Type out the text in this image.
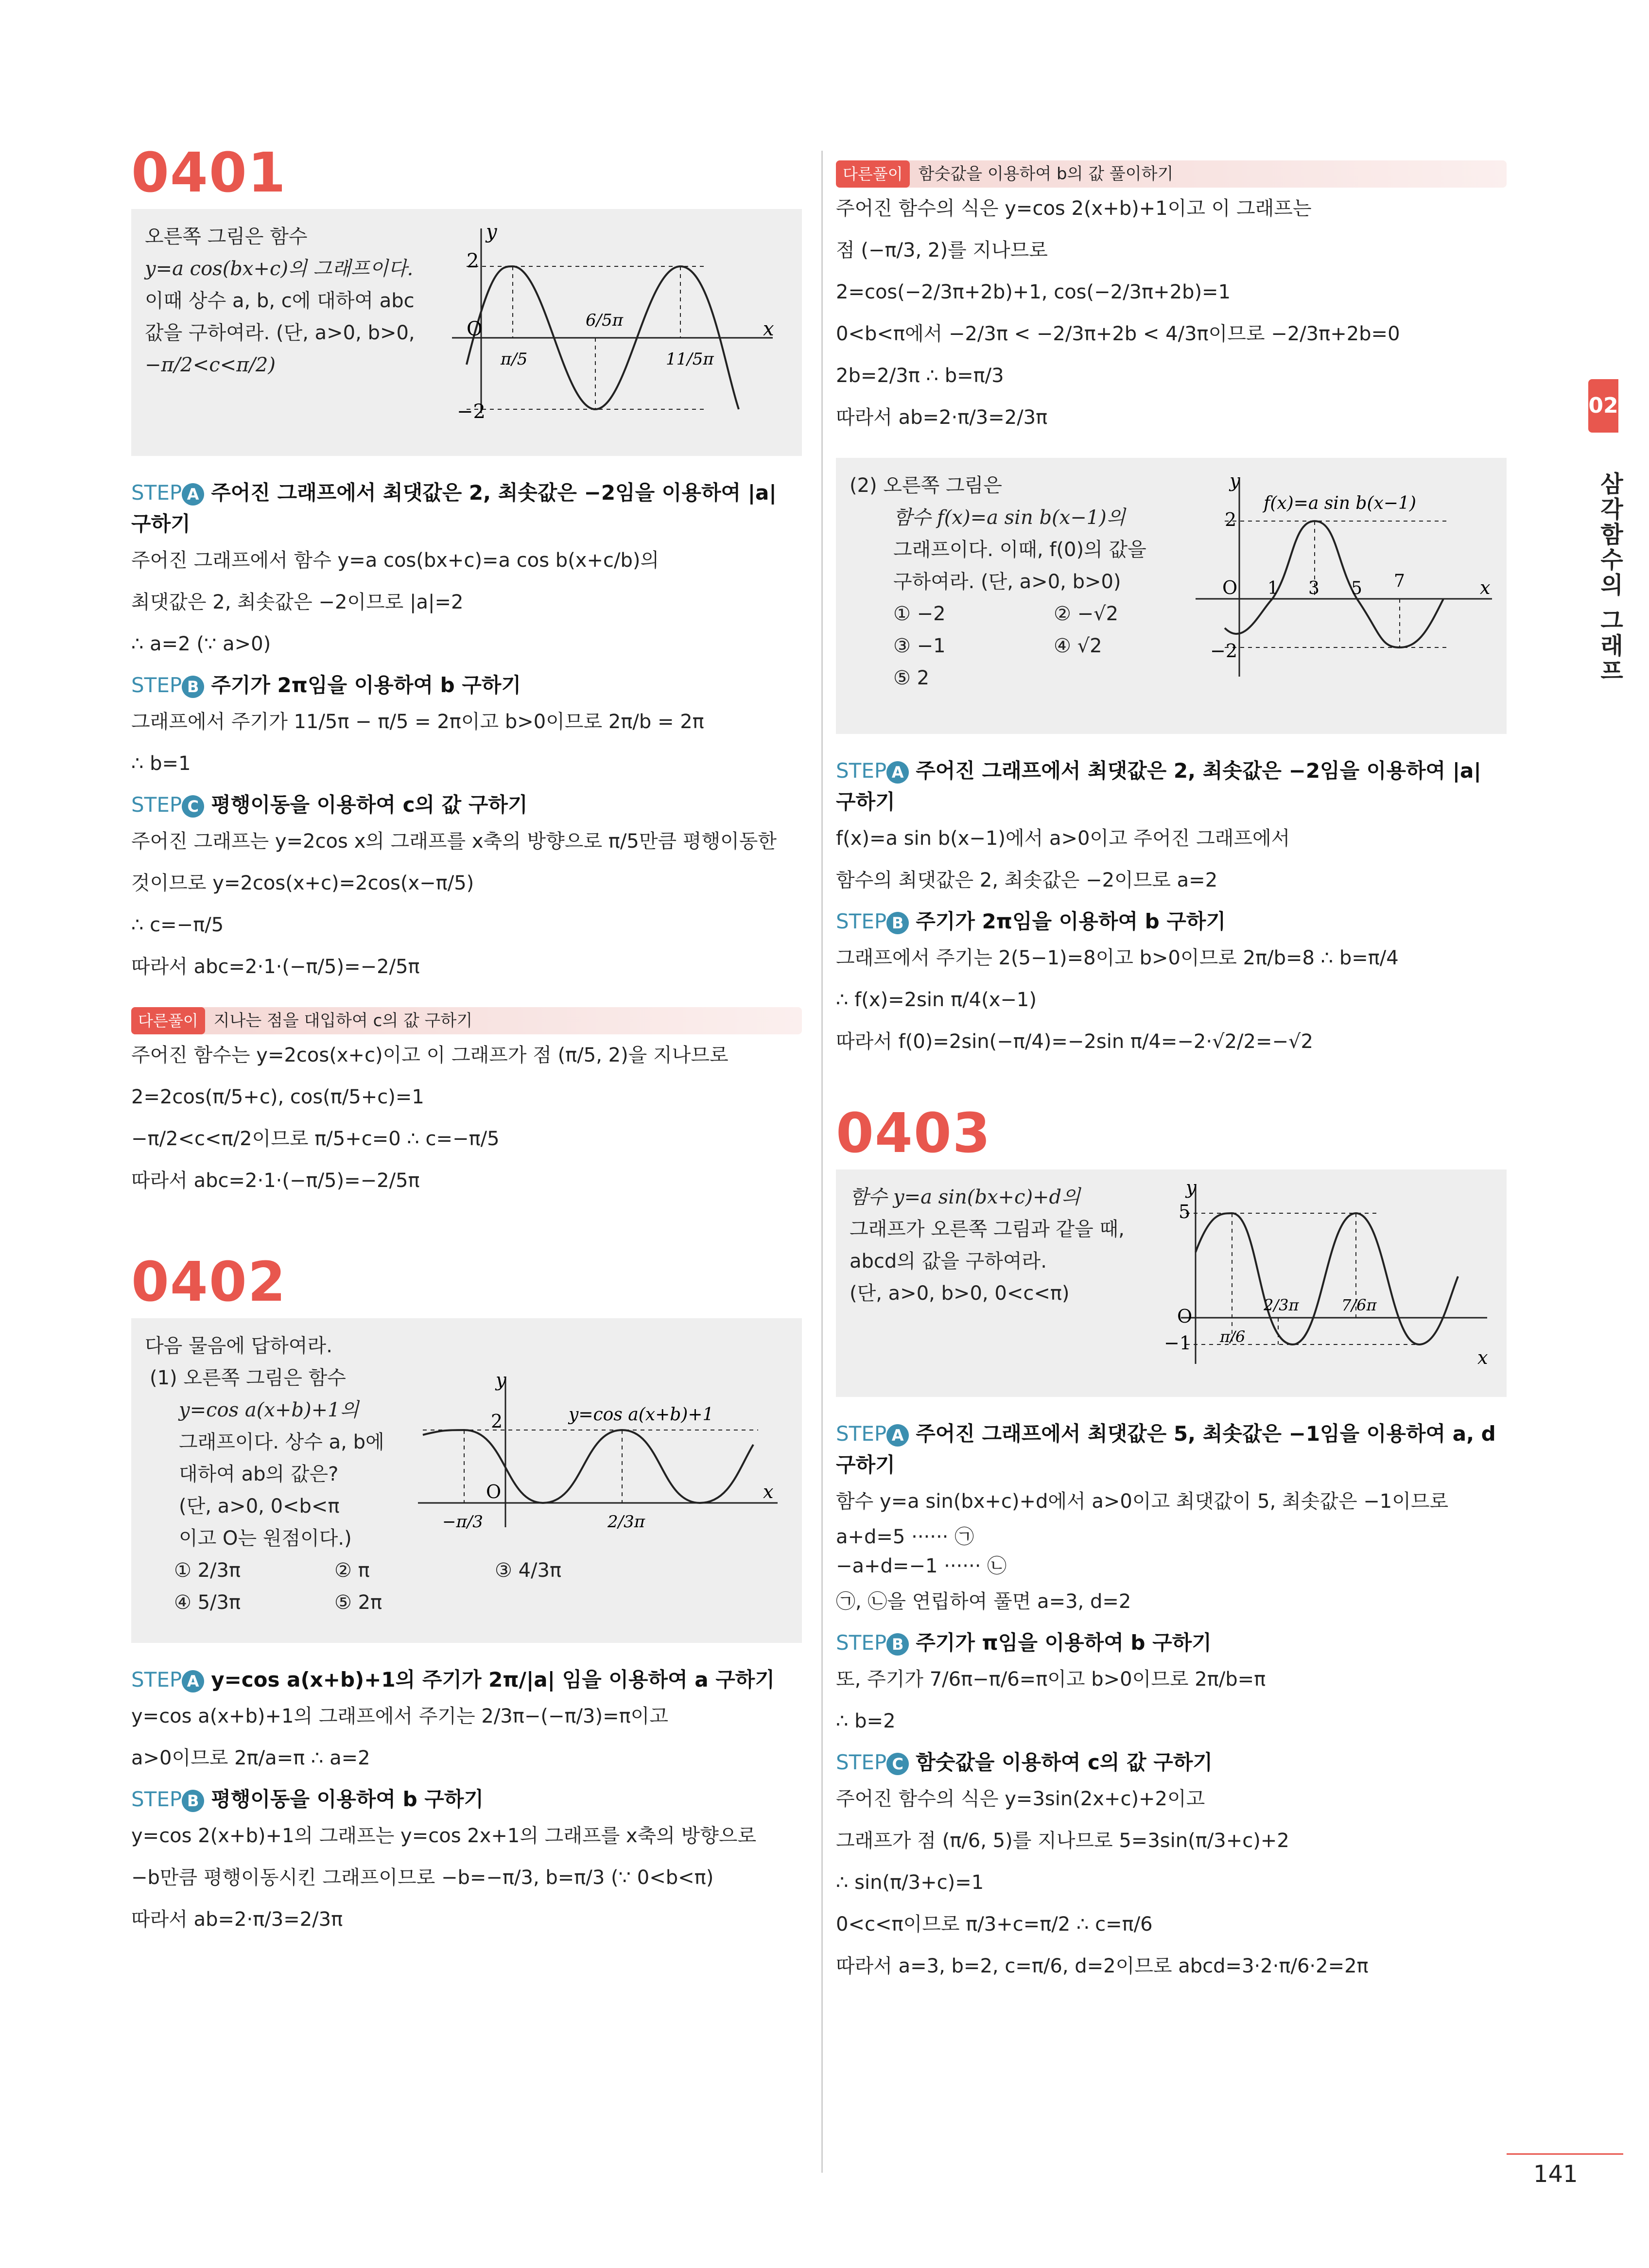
0401
오른쪽 그림은 함수
y=a cos(bx+c)의 그래프이다.
이때 상수 a, b, c에 대하여 abc
값을 구하여라. (단, a>0, b>0,
−π/2<c<π/2)
2
−2
O
y
x
π/5
6/5π
11/5π
STEP A 주어진 그래프에서 최댓값은 2, 최솟값은 −2임을 이용하여 |a| 구하기
주어진 그래프에서 함수 y=a cos(bx+c)=a cos b(x+c/b)의
최댓값은 2, 최솟값은 −2이므로 |a|=2
∴ a=2 (∵ a>0)
STEP B 주기가 2π임을 이용하여 b 구하기
그래프에서 주기가 11/5π − π/5 = 2π이고 b>0이므로 2π/b = 2π
∴ b=1
STEP C 평행이동을 이용하여 c의 값 구하기
주어진 그래프는 y=2cos x의 그래프를 x축의 방향으로 π/5만큼 평행이동한
것이므로 y=2cos(x+c)=2cos(x−π/5)
∴ c=−π/5
따라서 abc=2·1·(−π/5)=−2/5π
다른풀이 지나는 점을 대입하여 c의 값 구하기
주어진 함수는 y=2cos(x+c)이고 이 그래프가 점 (π/5, 2)을 지나므로
2=2cos(π/5+c), cos(π/5+c)=1
−π/2<c<π/2이므로 π/5+c=0 ∴ c=−π/5
따라서 abc=2·1·(−π/5)=−2/5π
0402
다음 물음에 답하여라.
(1) 오른쪽 그림은 함수
y=cos a(x+b)+1의
그래프이다. 상수 a, b에
대하여 ab의 값은?
(단, a>0, 0<b<π
이고 O는 원점이다.)
① 2/3π	② π	③ 4/3π
④ 5/3π	⑤ 2π
2
y
O	x
y=cos a(x+b)+1
−π/3	2/3π
STEP A y=cos a(x+b)+1의 주기가 2π/|a| 임을 이용하여 a 구하기
y=cos a(x+b)+1의 그래프에서 주기는 2/3π−(−π/3)=π이고
a>0이므로 2π/a=π ∴ a=2
STEP B 평행이동을 이용하여 b 구하기
y=cos 2(x+b)+1의 그래프는 y=cos 2x+1의 그래프를 x축의 방향으로
−b만큼 평행이동시킨 그래프이므로 −b=−π/3, b=π/3 (∵ 0<b<π)
따라서 ab=2·π/3=2/3π
다른풀이 함숫값을 이용하여 b의 값 풀이하기
주어진 함수의 식은 y=cos 2(x+b)+1이고 이 그래프는
점 (−π/3, 2)를 지나므로
2=cos(−2/3π+2b)+1, cos(−2/3π+2b)=1
0<b<π에서 −2/3π < −2/3π+2b < 4/3π이므로 −2/3π+2b=0
2b=2/3π ∴ b=π/3
따라서 ab=2·π/3=2/3π
(2) 오른쪽 그림은
함수 f(x)=a sin b(x−1)의
그래프이다. 이때, f(0)의 값을
구하여라. (단, a>0, b>0)
① −2	② −√2
③ −1	④ √2
⑤ 2
2
−2
y
O	x
f(x)=a sin b(x−1)
1 3 5 7
STEP A 주어진 그래프에서 최댓값은 2, 최솟값은 −2임을 이용하여 |a| 구하기
f(x)=a sin b(x−1)에서 a>0이고 주어진 그래프에서
함수의 최댓값은 2, 최솟값은 −2이므로 a=2
STEP B 주기가 2π임을 이용하여 b 구하기
그래프에서 주기는 2(5−1)=8이고 b>0이므로 2π/b=8 ∴ b=π/4
∴ f(x)=2sin π/4(x−1)
따라서 f(0)=2sin(−π/4)=−2sin π/4=−2·√2/2=−√2
0403
함수 y=a sin(bx+c)+d의
그래프가 오른쪽 그림과 같을 때,
abcd의 값을 구하여라.
(단, a>0, b>0, 0<c<π)
5
−1
y
O
x
π/6
2/3π	7/6π
STEP A 주어진 그래프에서 최댓값은 5, 최솟값은 −1임을 이용하여 a, d 구하기
함수 y=a sin(bx+c)+d에서 a>0이고 최댓값이 5, 최솟값은 −1이므로
a+d=5 ······ ㉠
−a+d=−1 ······ ㉡
㉠, ㉡을 연립하여 풀면 a=3, d=2
STEP B 주기가 π임을 이용하여 b 구하기
또, 주기가 7/6π−π/6=π이고 b>0이므로 2π/b=π
∴ b=2
STEP C 함숫값을 이용하여 c의 값 구하기
주어진 함수의 식은 y=3sin(2x+c)+2이고
그래프가 점 (π/6, 5)를 지나므로 5=3sin(π/3+c)+2
∴ sin(π/3+c)=1
0<c<π이므로 π/3+c=π/2 ∴ c=π/6
따라서 a=3, b=2, c=π/6, d=2이므로 abcd=3·2·π/6·2=2π
02
삼각함수의 그래프
141
